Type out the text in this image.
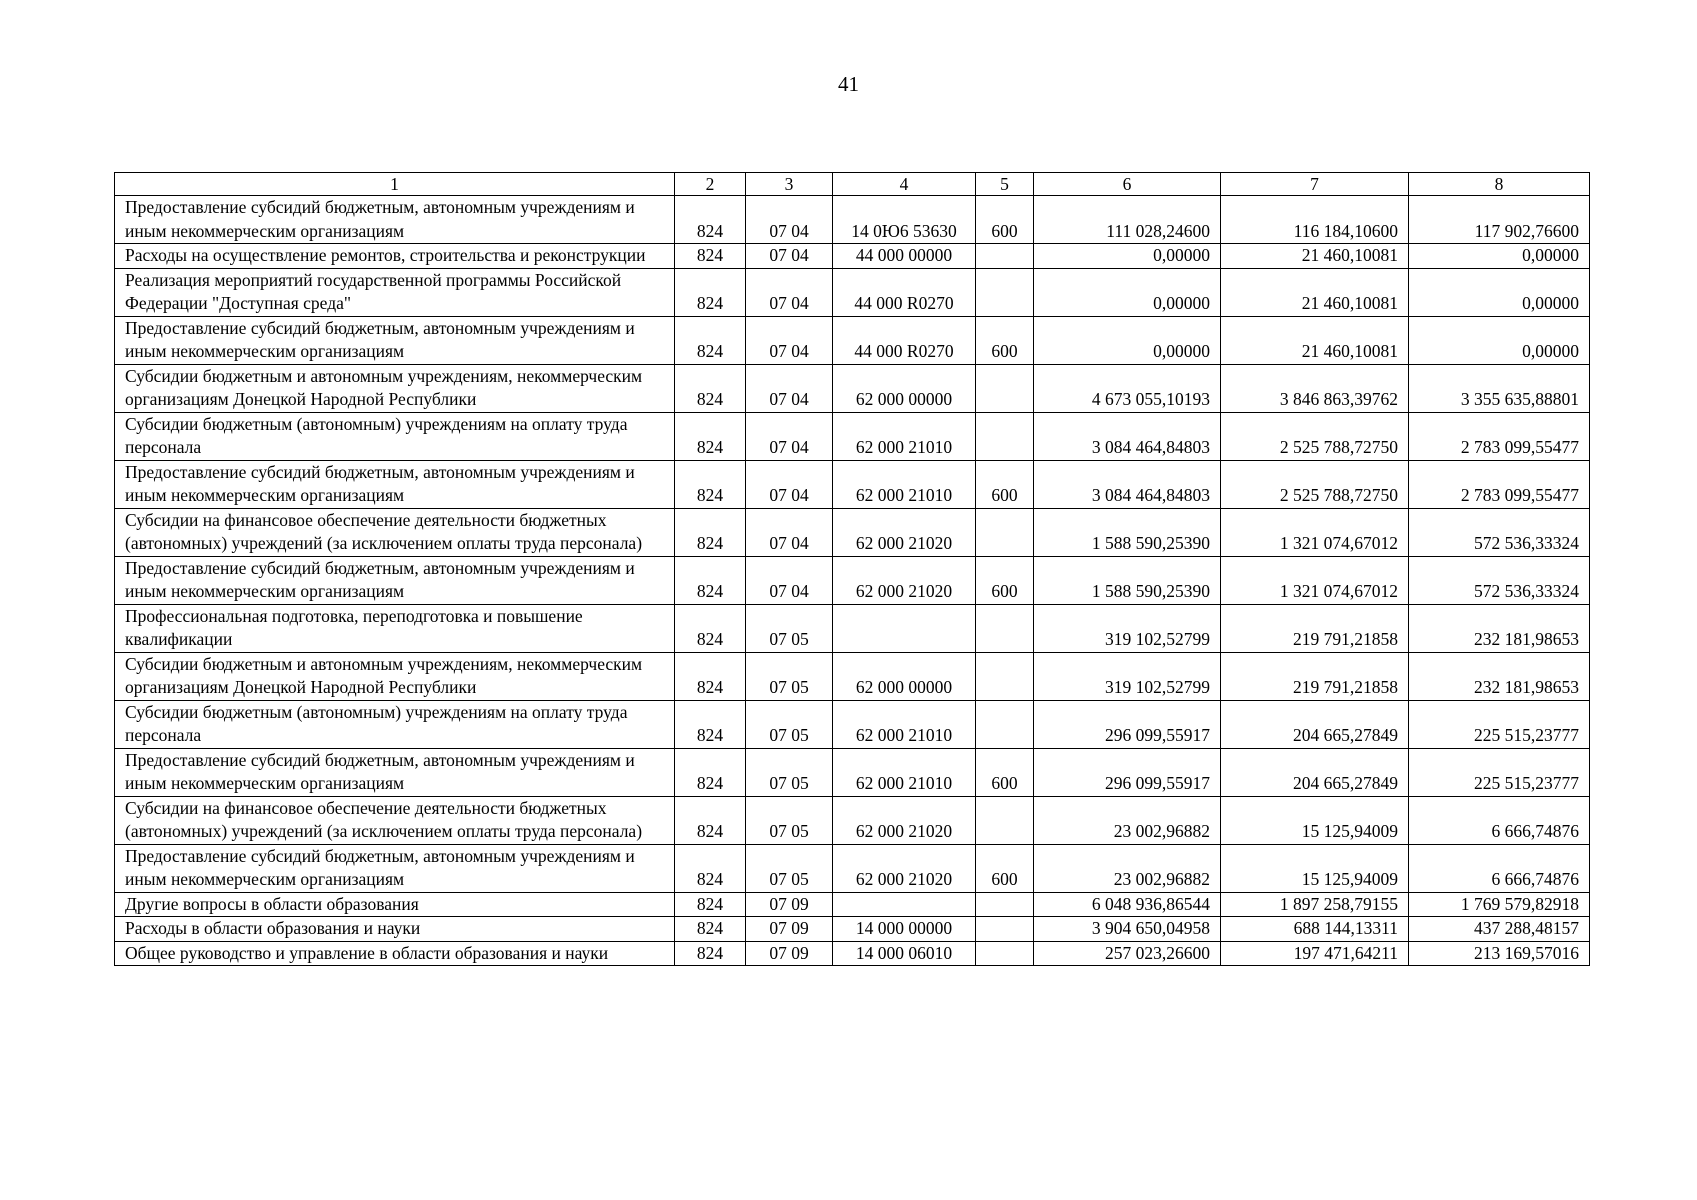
41
1	2	3	4	5	6	7	8
Предоставление субсидий бюджетным, автономным учреждениям и иным некоммерческим организациям	824	07 04	14 0Ю6 53630	600	111 028,24600	116 184,10600	117 902,76600
Расходы на осуществление ремонтов, строительства и реконструкции	824	07 04	44 000 00000		0,00000	21 460,10081	0,00000
Реализация мероприятий государственной программы Российской Федерации "Доступная среда"	824	07 04	44 000 R0270		0,00000	21 460,10081	0,00000
Предоставление субсидий бюджетным, автономным учреждениям и иным некоммерческим организациям	824	07 04	44 000 R0270	600	0,00000	21 460,10081	0,00000
Субсидии бюджетным и автономным учреждениям, некоммерческим организациям Донецкой Народной Республики	824	07 04	62 000 00000		4 673 055,10193	3 846 863,39762	3 355 635,88801
Субсидии бюджетным (автономным) учреждениям на оплату труда персонала	824	07 04	62 000 21010		3 084 464,84803	2 525 788,72750	2 783 099,55477
Предоставление субсидий бюджетным, автономным учреждениям и иным некоммерческим организациям	824	07 04	62 000 21010	600	3 084 464,84803	2 525 788,72750	2 783 099,55477
Субсидии на финансовое обеспечение деятельности бюджетных (автономных) учреждений (за исключением оплаты труда персонала)	824	07 04	62 000 21020		1 588 590,25390	1 321 074,67012	572 536,33324
Предоставление субсидий бюджетным, автономным учреждениям и иным некоммерческим организациям	824	07 04	62 000 21020	600	1 588 590,25390	1 321 074,67012	572 536,33324
Профессиональная подготовка, переподготовка и повышение квалификации	824	07 05			319 102,52799	219 791,21858	232 181,98653
Субсидии бюджетным и автономным учреждениям, некоммерческим организациям Донецкой Народной Республики	824	07 05	62 000 00000		319 102,52799	219 791,21858	232 181,98653
Субсидии бюджетным (автономным) учреждениям на оплату труда персонала	824	07 05	62 000 21010		296 099,55917	204 665,27849	225 515,23777
Предоставление субсидий бюджетным, автономным учреждениям и иным некоммерческим организациям	824	07 05	62 000 21010	600	296 099,55917	204 665,27849	225 515,23777
Субсидии на финансовое обеспечение деятельности бюджетных (автономных) учреждений (за исключением оплаты труда персонала)	824	07 05	62 000 21020		23 002,96882	15 125,94009	6 666,74876
Предоставление субсидий бюджетным, автономным учреждениям и иным некоммерческим организациям	824	07 05	62 000 21020	600	23 002,96882	15 125,94009	6 666,74876
Другие вопросы в области образования	824	07 09			6 048 936,86544	1 897 258,79155	1 769 579,82918
Расходы в области образования и науки	824	07 09	14 000 00000		3 904 650,04958	688 144,13311	437 288,48157
Общее руководство и управление в области образования и науки	824	07 09	14 000 06010		257 023,26600	197 471,64211	213 169,57016
